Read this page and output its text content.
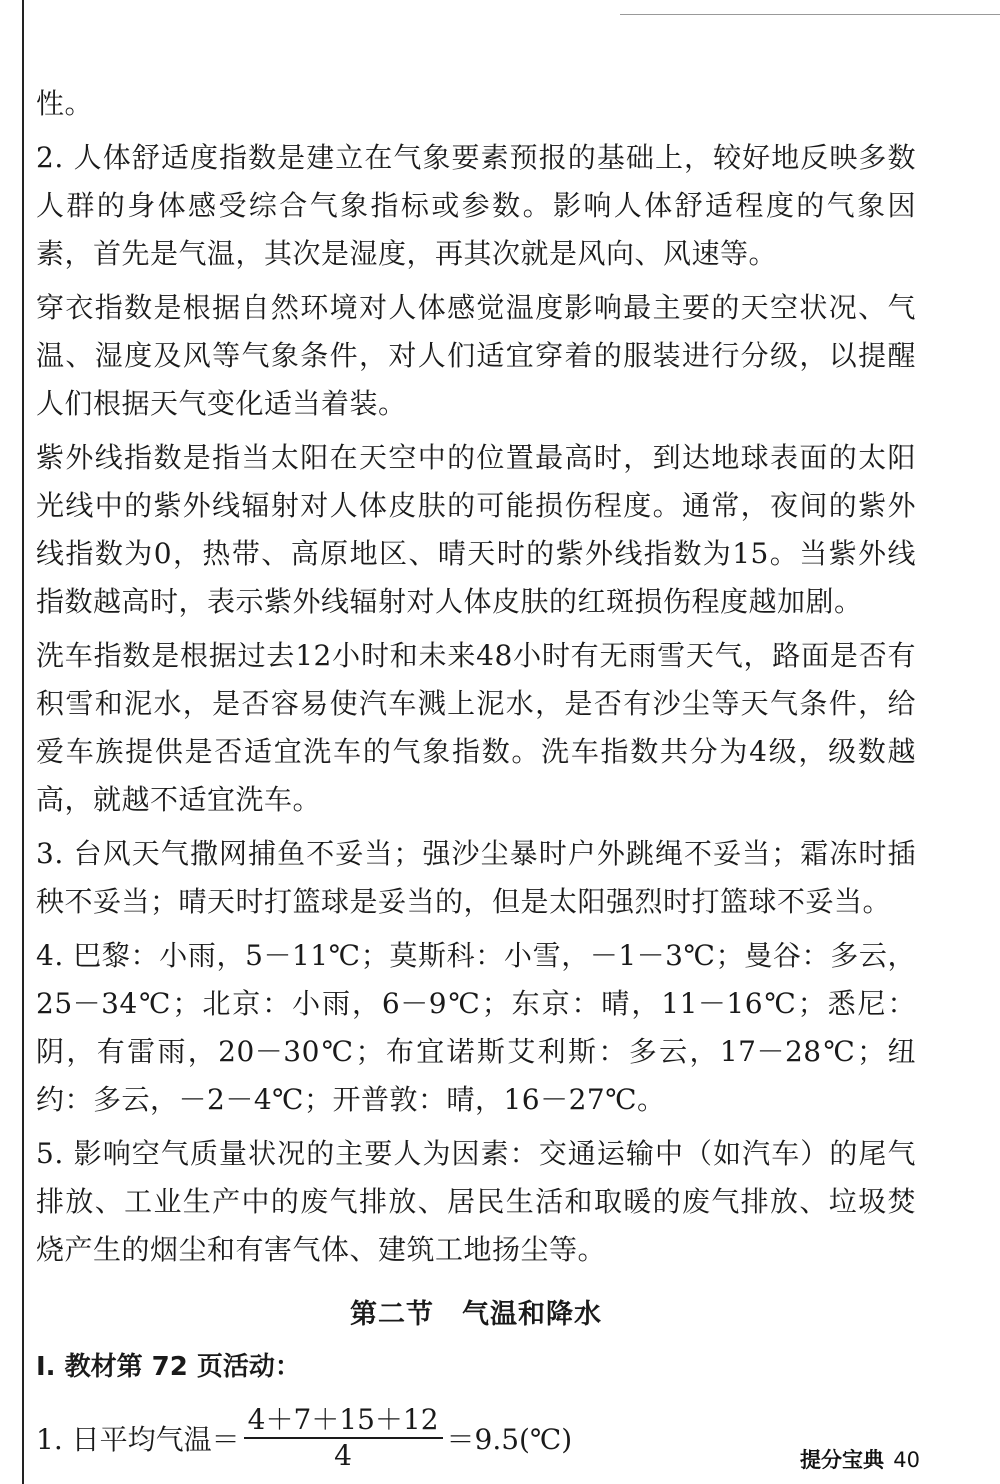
性。

2. 人体舒适度指数是建立在气象要素预报的基础上，较好地反映多数人群的身体感受综合气象指标或参数。影响人体舒适程度的气象因素，首先是气温，其次是湿度，再其次就是风向、风速等。

穿衣指数是根据自然环境对人体感觉温度影响最主要的天空状况、气温、湿度及风等气象条件，对人们适宜穿着的服装进行分级，以提醒人们根据天气变化适当着装。

紫外线指数是指当太阳在天空中的位置最高时，到达地球表面的太阳光线中的紫外线辐射对人体皮肤的可能损伤程度。通常，夜间的紫外线指数为0，热带、高原地区、晴天时的紫外线指数为15。当紫外线指数越高时，表示紫外线辐射对人体皮肤的红斑损伤程度越加剧。

洗车指数是根据过去12小时和未来48小时有无雨雪天气，路面是否有积雪和泥水，是否容易使汽车溅上泥水，是否有沙尘等天气条件，给爱车族提供是否适宜洗车的气象指数。洗车指数共分为4级，级数越高，就越不适宜洗车。

3. 台风天气撒网捕鱼不妥当；强沙尘暴时户外跳绳不妥当；霜冻时插秧不妥当；晴天时打篮球是妥当的，但是太阳强烈时打篮球不妥当。

4. 巴黎：小雨，5－11℃；莫斯科：小雪，－1－3℃；曼谷：多云，25－34℃；北京：小雨，6－9℃；东京：晴，11－16℃；悉尼：阴，有雷雨，20－30℃；布宜诺斯艾利斯：多云，17－28℃；纽约：多云，－2－4℃；开普敦：晴，16－27℃。

5. 影响空气质量状况的主要人为因素：交通运输中（如汽车）的尾气排放、工业生产中的废气排放、居民生活和取暖的废气排放、垃圾焚烧产生的烟尘和有害气体、建筑工地扬尘等。

第二节　气温和降水
Ⅰ. 教材第 72 页活动：
1. 日平均气温＝ $\frac{4+7+15+12}{4}$ ＝9.5(℃)
提分宝典 40
